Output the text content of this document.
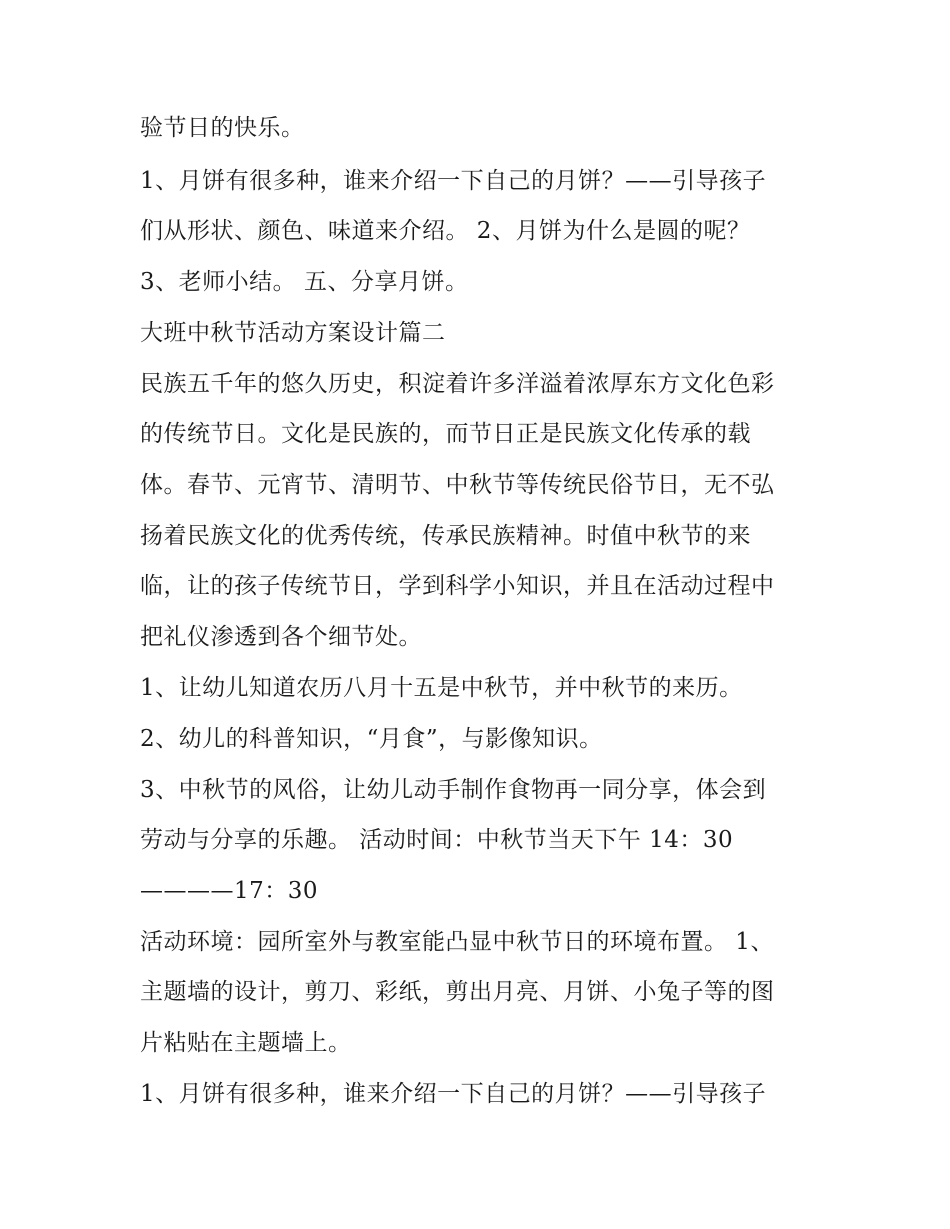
验节日的快乐。

1、月饼有很多种，谁来介绍一下自己的月饼？——引导孩子

们从形状、颜色、味道来介绍。 2、月饼为什么是圆的呢？

3、老师小结。 五、分享月饼。

大班中秋节活动方案设计篇二

民族五千年的悠久历史，积淀着许多洋溢着浓厚东方文化色彩

的传统节日。文化是民族的，而节日正是民族文化传承的载

体。春节、元宵节、清明节、中秋节等传统民俗节日，无不弘

扬着民族文化的优秀传统，传承民族精神。时值中秋节的来

临，让的孩子传统节日，学到科学小知识，并且在活动过程中

把礼仪渗透到各个细节处。

1、让幼儿知道农历八月十五是中秋节，并中秋节的来历。

2、幼儿的科普知识，“月食”，与影像知识。

3、中秋节的风俗，让幼儿动手制作食物再一同分享，体会到

劳动与分享的乐趣。 活动时间：中秋节当天下午 14：30

————17：30

活动环境：园所室外与教室能凸显中秋节日的环境布置。 1、

主题墙的设计，剪刀、彩纸，剪出月亮、月饼、小兔子等的图

片粘贴在主题墙上。

1、月饼有很多种，谁来介绍一下自己的月饼？——引导孩子
